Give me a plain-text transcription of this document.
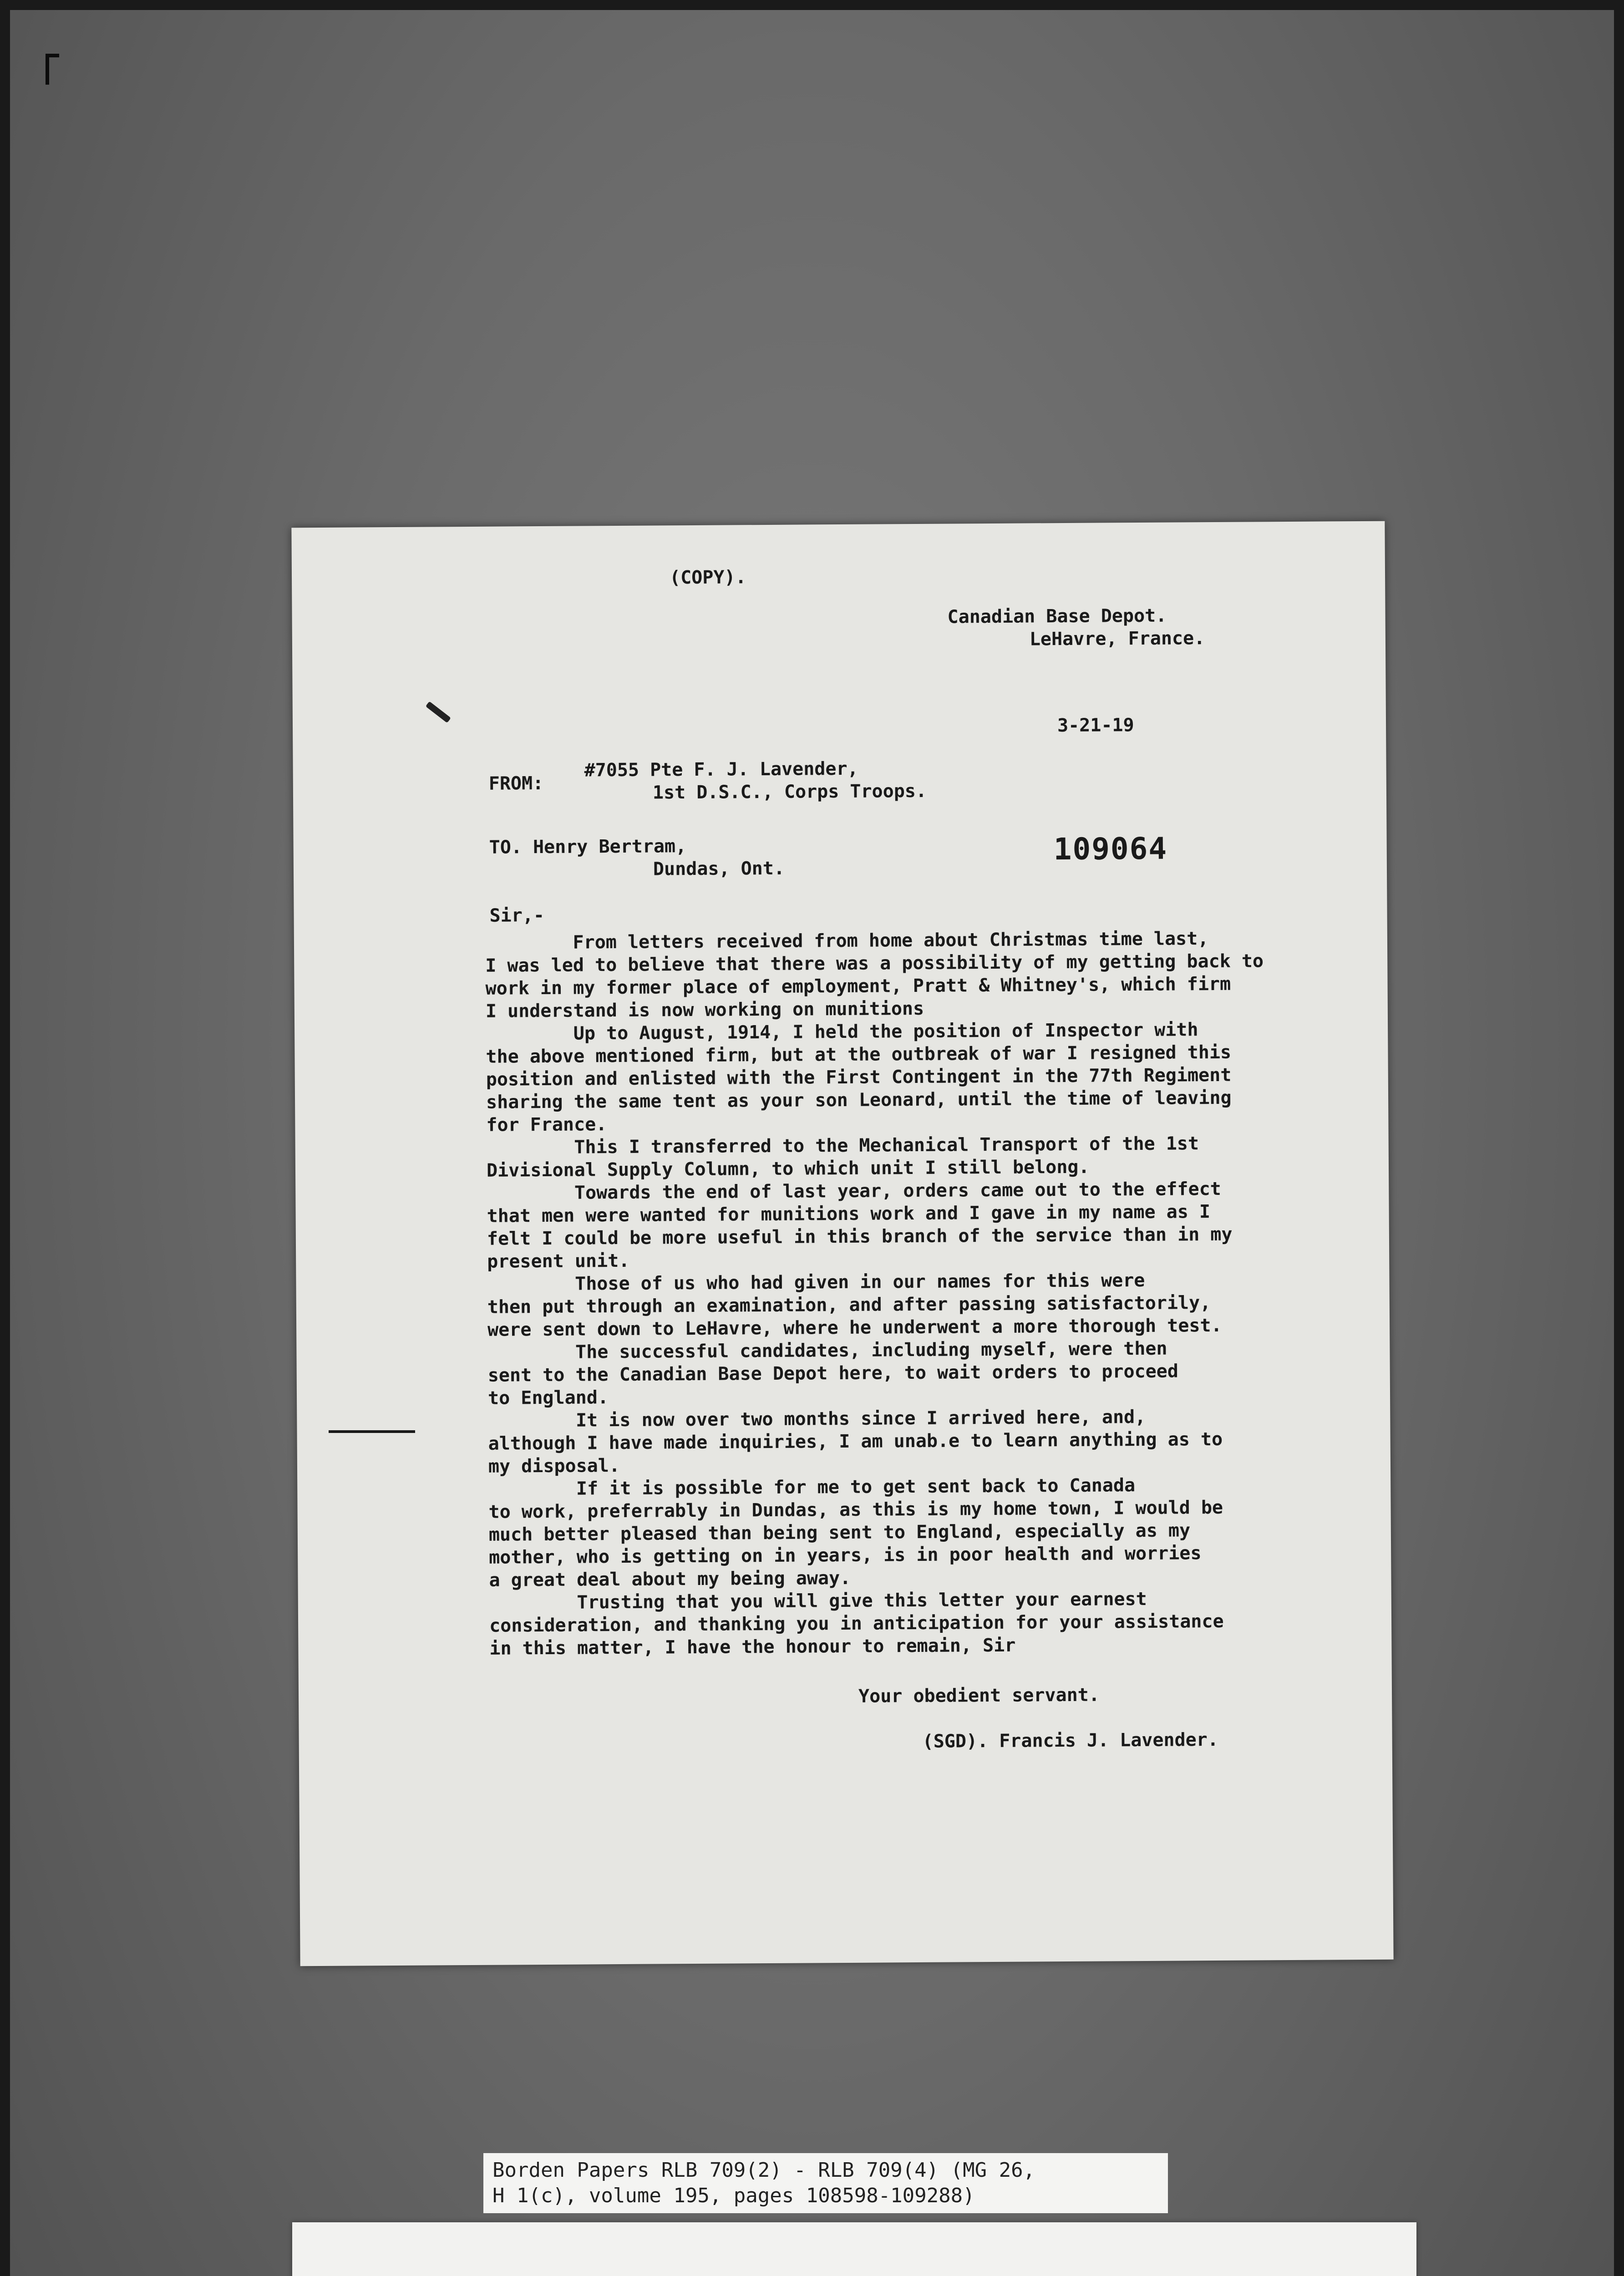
(COPY).
Canadian Base Depot.
LeHavre, France.
3-21-19
FROM:
#7055 Pte F. J. Lavender,
1st D.S.C., Corps Troops.
TO. Henry Bertram,
Dundas, Ont.
109064
Sir,-

From letters received from home about Christmas time last,

I was led to believe that there was a possibility of my getting back to

work in my former place of employment, Pratt & Whitney's, which firm

I understand is now working on munitions

Up to August, 1914, I held the position of Inspector with

the above mentioned firm, but at the outbreak of war I resigned this

position and enlisted with the First Contingent in the 77th Regiment

sharing the same tent as your son Leonard, until the time of leaving

for France.

This I transferred to the Mechanical Transport of the 1st

Divisional Supply Column, to which unit I still belong.

Towards the end of last year, orders came out to the effect

that men were wanted for munitions work and I gave in my name as I

felt I could be more useful in this branch of the service than in my

present unit.

Those of us who had given in our names for this were

then put through an examination, and after passing satisfactorily,

were sent down to LeHavre, where he underwent a more thorough test.

The successful candidates, including myself, were then

sent to the Canadian Base Depot here, to wait orders to proceed

to England.

It is now over two months since I arrived here, and,

although I have made inquiries, I am unab.e to learn anything as to

my disposal.

If it is possible for me to get sent back to Canada

to work, preferrably in Dundas, as this is my home town, I would be

much better pleased than being sent to England, especially as my

mother, who is getting on in years, is in poor health and worries

a great deal about my being away.

Trusting that you will give this letter your earnest

consideration, and thanking you in anticipation for your assistance

in this matter, I have the honour to remain, Sir

Your obedient servant.
(SGD). Francis J. Lavender.
Borden Papers RLB 709(2) - RLB 709(4) (MG 26,
H 1(c), volume 195, pages 108598-109288)
